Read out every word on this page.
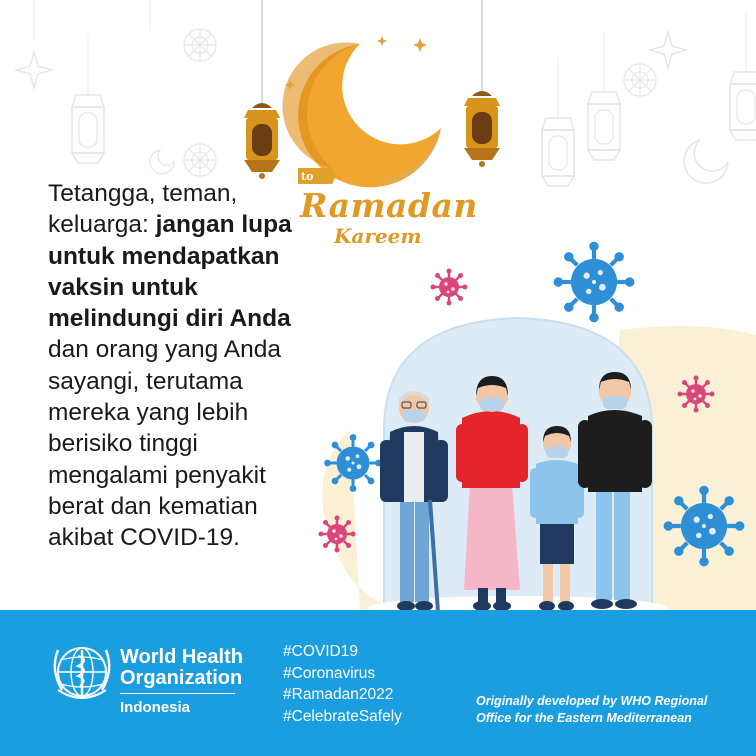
to
Ramadan
Kareem
Tetangga, teman, keluarga: jangan lupa untuk mendapatkan vaksin untuk melindungi diri Anda dan orang yang Anda sayangi, terutama mereka yang lebih berisiko tinggi mengalami penyakit berat dan kematian akibat COVID-19.
World Health Organization
Indonesia
#COVID19
#Coronavirus
#Ramadan2022
#CelebrateSafely
Originally developed by WHO Regional Office for the Eastern Mediterranean
